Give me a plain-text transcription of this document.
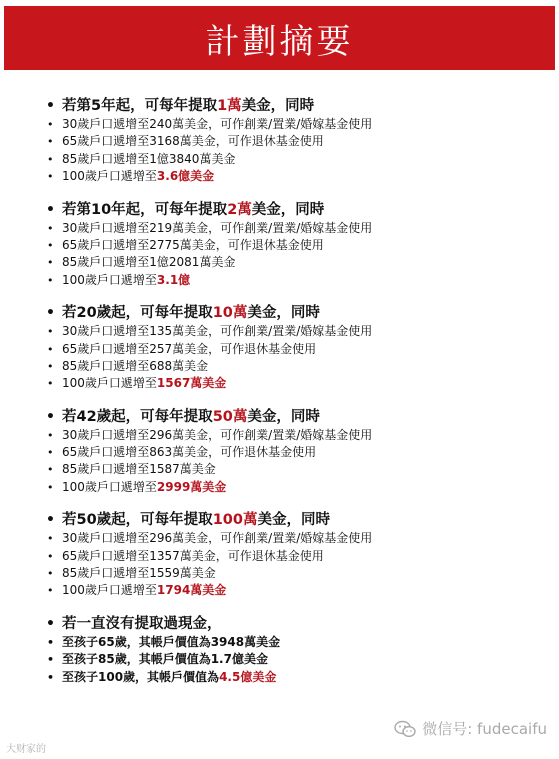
計劃摘要
• 若第5年起，可每年提取1萬美金，同時
• 30歲戶口遞增至240萬美金，可作創業/置業/婚嫁基金使用
• 65歲戶口遞增至3168萬美金，可作退休基金使用
• 85歲戶口遞增至1億3840萬美金
• 100歲戶口遞增至3.6億美金
• 若第10年起，可每年提取2萬美金，同時
• 30歲戶口遞增至219萬美金，可作創業/置業/婚嫁基金使用
• 65歲戶口遞增至2775萬美金，可作退休基金使用
• 85歲戶口遞增至1億2081萬美金
• 100歲戶口遞增至3.1億
• 若20歲起，可每年提取10萬美金，同時
• 30歲戶口遞增至135萬美金，可作創業/置業/婚嫁基金使用
• 65歲戶口遞增至257萬美金，可作退休基金使用
• 85歲戶口遞增至688萬美金
• 100歲戶口遞增至1567萬美金
• 若42歲起，可每年提取50萬美金，同時
• 30歲戶口遞增至296萬美金，可作創業/置業/婚嫁基金使用
• 65歲戶口遞增至863萬美金，可作退休基金使用
• 85歲戶口遞增至1587萬美金
• 100歲戶口遞增至2999萬美金
• 若50歲起，可每年提取100萬美金，同時
• 30歲戶口遞增至296萬美金，可作創業/置業/婚嫁基金使用
• 65歲戶口遞增至1357萬美金，可作退休基金使用
• 85歲戶口遞增至1559萬美金
• 100歲戶口遞增至1794萬美金
• 若一直沒有提取過現金，
• 至孩子65歲，其帳戶價值為3948萬美金
• 至孩子85歲，其帳戶價值為1.7億美金
• 至孩子100歲，其帳戶價值為4.5億美金
微信号: fudecaifu
大财家的
